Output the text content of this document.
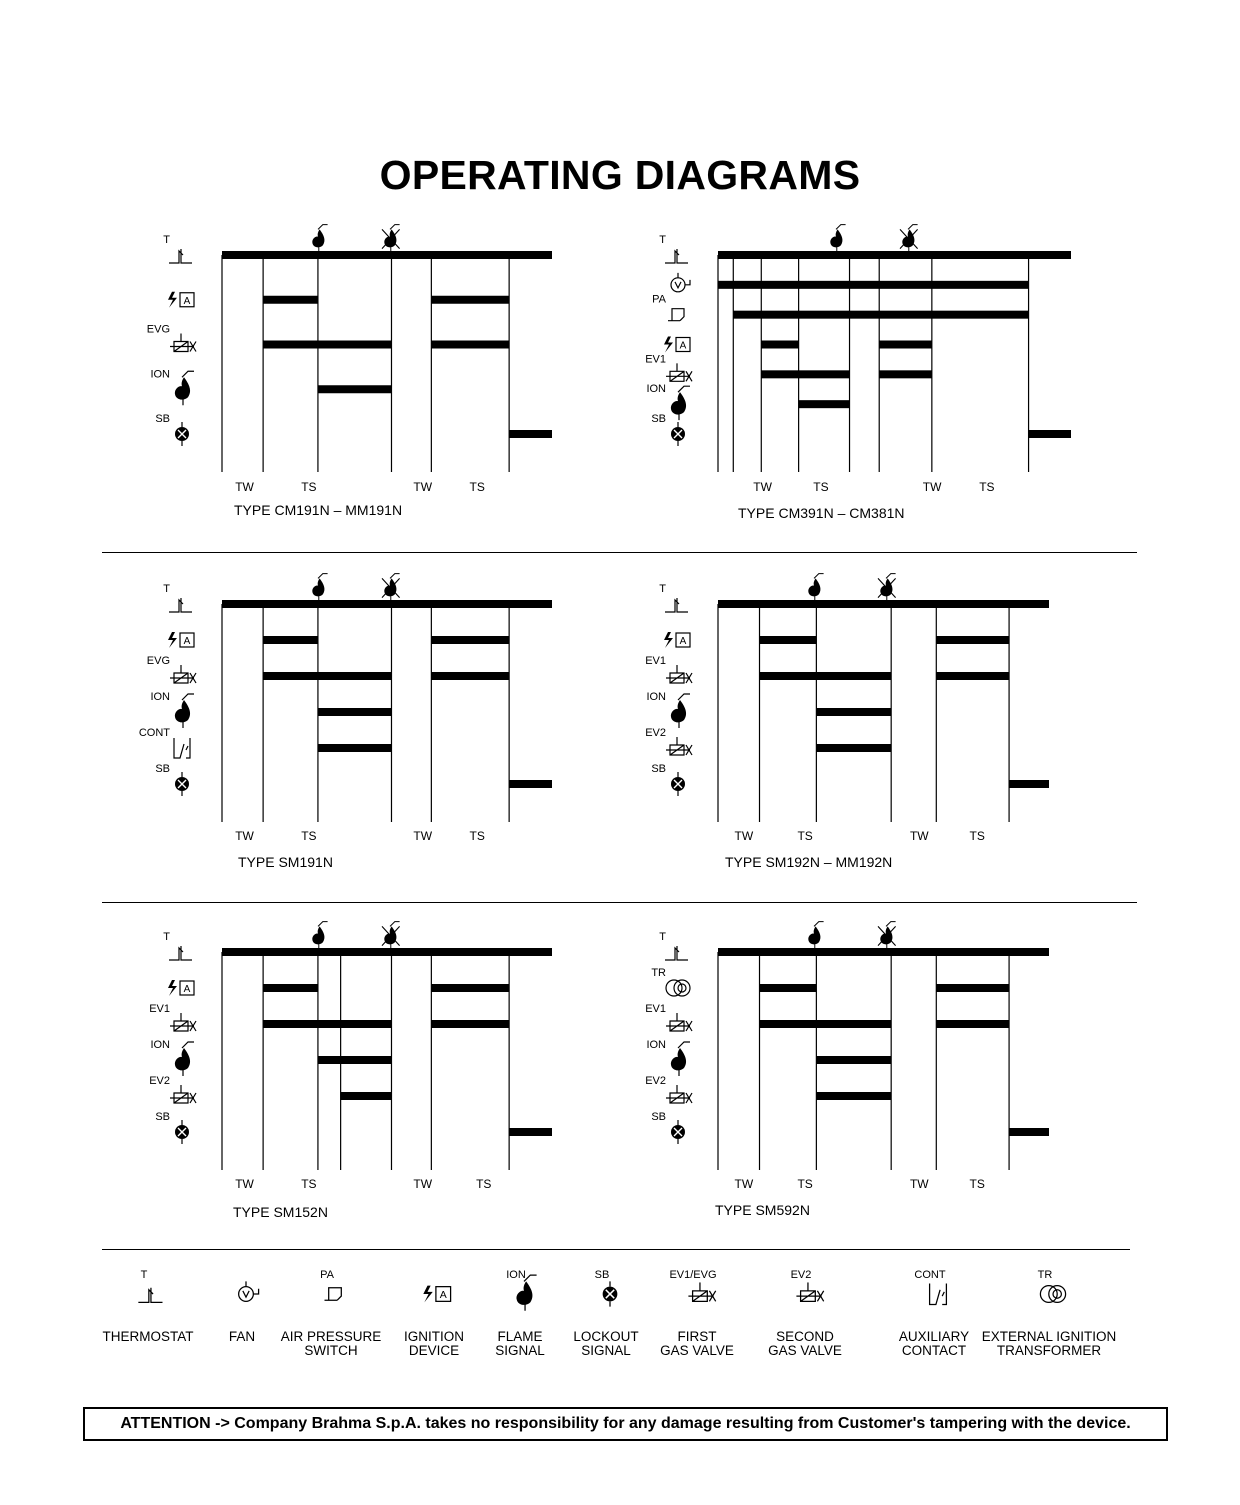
OPERATING DIAGRAMS
T
A
EVG
ION
SB
TW	TS	TW	TS
TYPE CM191N – MM191N
T
PA
A
EV1
ION
SB
TW	TS	TW	TS
TYPE CM391N – CM381N
T
A
EVG
ION
CONT
SB
TW	TS	TW	TS
TYPE SM191N
T
A
EV1
ION
EV2
SB
TW	TS	TW	TS
TYPE SM192N – MM192N
T
A
EV1
ION
EV2
SB
TW	TS	TW	TS
TYPE SM152N
T
TR
EV1
ION
EV2
SB
TW	TS	TW	TS
TYPE SM592N
T	PA
A
ION	SB	EV1/EVG	EV2	CONT	TR
THERMOSTAT	FAN	AIR PRESSURE
SWITCH
IGNITION
DEVICE
FLAME
SIGNAL
LOCKOUT
SIGNAL
FIRST
GAS VALVE
SECOND
GAS VALVE
AUXILIARY
CONTACT
EXTERNAL IGNITION
TRANSFORMER
ATTENTION -> Company Brahma S.p.A. takes no responsibility for any damage resulting from Customer's tampering with the device.
